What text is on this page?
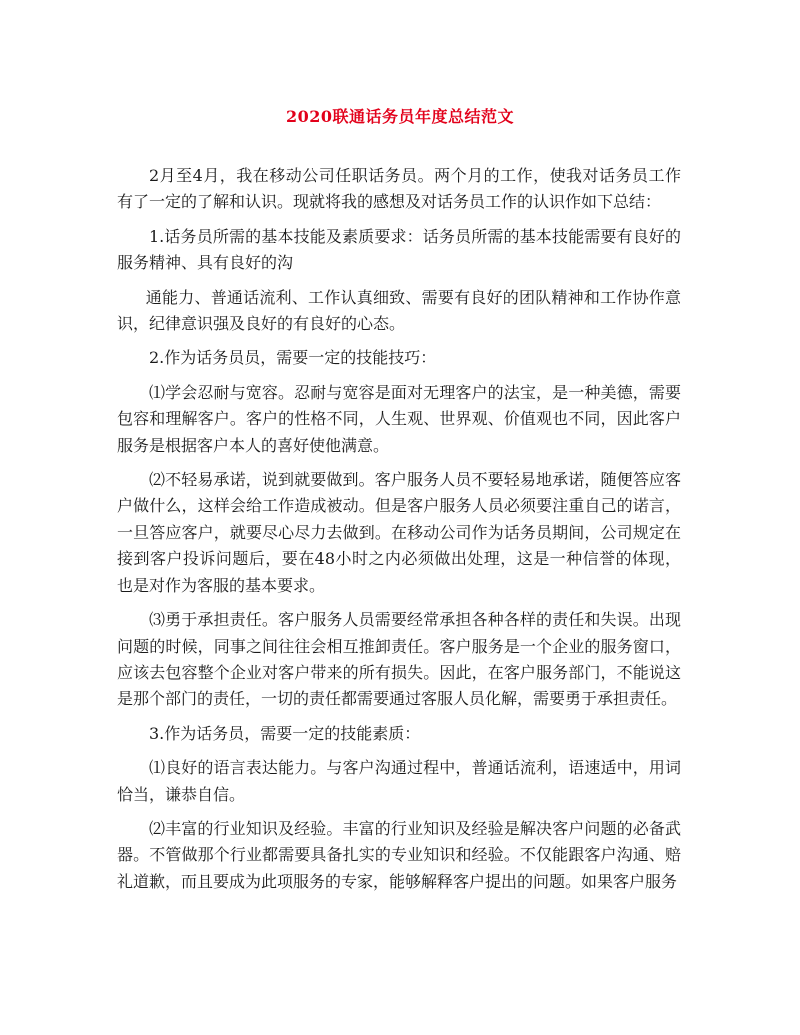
2020联通话务员年度总结范文

2月至4月，我在移动公司任职话务员。两个月的工作，使我对话务员工作有了一定的了解和认识。现就将我的感想及对话务员工作的认识作如下总结：

1.话务员所需的基本技能及素质要求：话务员所需的基本技能需要有良好的服务精神、具有良好的沟

通能力、普通话流利、工作认真细致、需要有良好的团队精神和工作协作意识，纪律意识强及良好的有良好的心态。

2.作为话务员员，需要一定的技能技巧：

⑴学会忍耐与宽容。忍耐与宽容是面对无理客户的法宝，是一种美德，需要包容和理解客户。客户的性格不同，人生观、世界观、价值观也不同，因此客户服务是根据客户本人的喜好使他满意。

⑵不轻易承诺，说到就要做到。客户服务人员不要轻易地承诺，随便答应客户做什么，这样会给工作造成被动。但是客户服务人员必须要注重自己的诺言，一旦答应客户，就要尽心尽力去做到。在移动公司作为话务员期间，公司规定在接到客户投诉问题后，要在48小时之内必须做出处理，这是一种信誉的体现，也是对作为客服的基本要求。

⑶勇于承担责任。客户服务人员需要经常承担各种各样的责任和失误。出现问题的时候，同事之间往往会相互推卸责任。客户服务是一个企业的服务窗口，应该去包容整个企业对客户带来的所有损失。因此，在客户服务部门，不能说这是那个部门的责任，一切的责任都需要通过客服人员化解，需要勇于承担责任。

3.作为话务员，需要一定的技能素质：

⑴良好的语言表达能力。与客户沟通过程中，普通话流利，语速适中，用词恰当，谦恭自信。

⑵丰富的行业知识及经验。丰富的行业知识及经验是解决客户问题的必备武器。不管做那个行业都需要具备扎实的专业知识和经验。不仅能跟客户沟通、赔礼道歉，而且要成为此项服务的专家，能够解释客户提出的问题。如果客户服务
